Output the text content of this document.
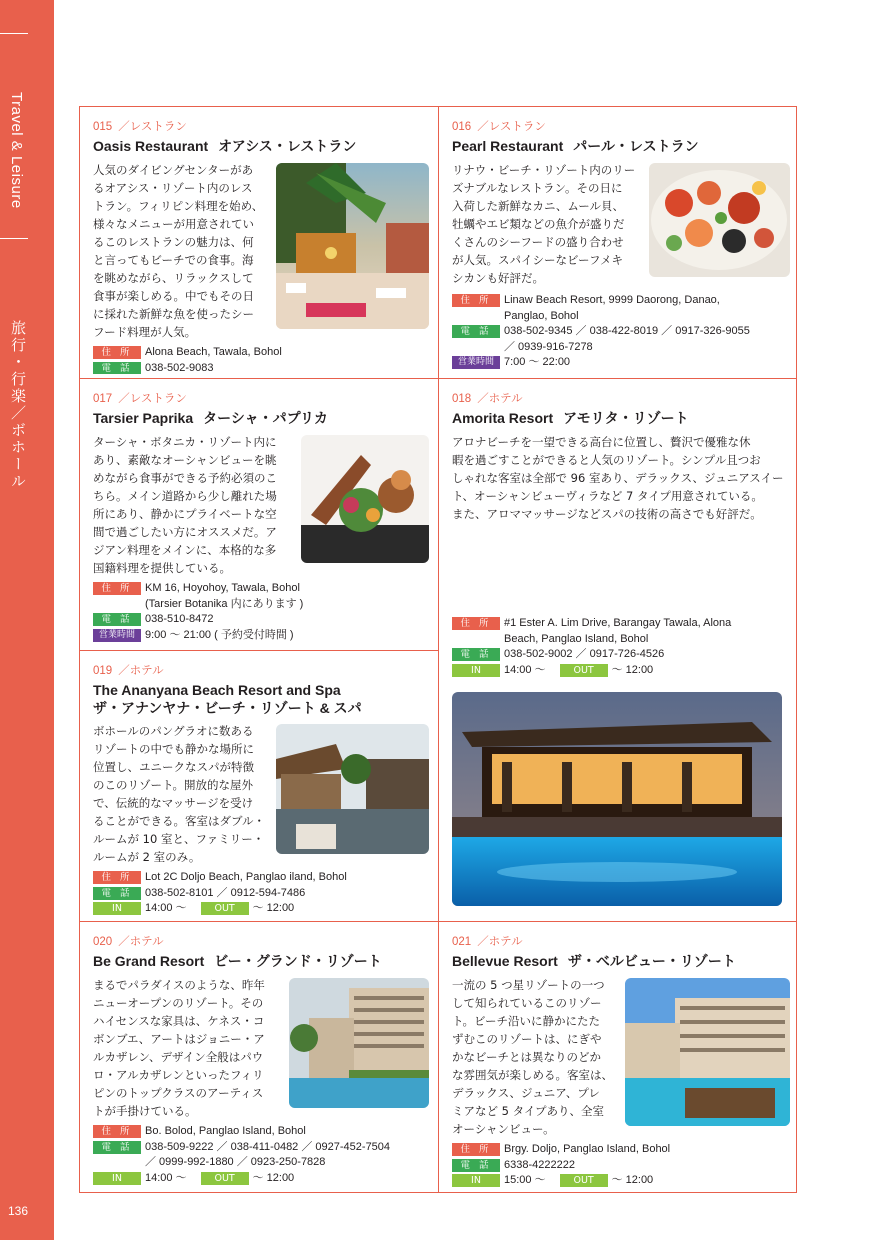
Travel & Leisure
旅行・行楽／ボホール
136
015 ／レストラン
Oasis Restaurant オアシス・レストラン
人気のダイビングセンターがあ
るオアシス・リゾート内のレス
トラン。フィリピン料理を始め、
様々なメニューが用意されてい
るこのレストランの魅力は、何
と言ってもビーチでの食事。海
を眺めながら、リラックスして
食事が楽しめる。中でもその日
に採れた新鮮な魚を使ったシー
フード料理が人気。
住 所	Alona Beach, Tawala, Bohol
電 話	038-502-9083
016 ／レストラン
Pearl Restaurant パール・レストラン
リナウ・ビーチ・リゾート内のリー
ズナブルなレストラン。その日に
入荷した新鮮なカニ、ムール貝、
牡蠣やエビ類などの魚介が盛りだ
くさんのシーフードの盛り合わせ
が人気。スパイシーなビーフメキ
シカンも好評だ。
住 所	Linaw Beach Resort, 9999 Daorong, Danao,
Panglao, Bohol
電 話	038-502-9345 ／ 038-422-8019 ／ 0917-326-9055
／ 0939-916-7278
営業時間 7:00 ～ 22:00
017 ／レストラン
Tarsier Paprika ターシャ・パプリカ
ターシャ・ボタニカ・リゾート内に
あり、素敵なオーシャンビューを眺
めながら食事ができる予約必須のこ
ちら。メイン道路から少し離れた場
所にあり、静かにプライベートな空
間で過ごしたい方にオススメだ。ア
ジアン料理をメインに、本格的な多
国籍料理を提供している。
住 所	KM 16, Hoyohoy, Tawala, Bohol
(Tarsier Botanika 内にあります )
電 話	038-510-8472
営業時間 9:00 ～ 21:00 ( 予約受付時間 )
018 ／ホテル
Amorita Resort アモリタ・リゾート
アロナビーチを一望できる高台に位置し、贅沢で優雅な休
暇を過ごすことができると人気のリゾート。シンプル且つお
しゃれな客室は全部で 96 室あり、デラックス、ジュニアスイー
ト、オーシャンビューヴィラなど 7 タイプ用意されている。
また、アロママッサージなどスパの技術の高さでも好評だ。
住 所	#1 Ester A. Lim Drive, Barangay Tawala, Alona
Beach, Panglao Island, Bohol
電 話	038-502-9002 ／ 0917-726-4526
IN	14:00 ～	OUT	～ 12:00
019 ／ホテル
The Ananyana Beach Resort and Spa
ザ・アナンヤナ・ビーチ・リゾート & スパ
ボホールのパングラオに数ある
リゾートの中でも静かな場所に
位置し、ユニークなスパが特徴
のこのリゾート。開放的な屋外
で、伝統的なマッサージを受け
ることができる。客室はダブル・
ルームが 10 室と、ファミリー・
ルームが 2 室のみ。
住 所	Lot 2C Doljo Beach, Panglao iland, Bohol
電 話	038-502-8101 ／ 0912-594-7486
IN	14:00 ～	OUT	～ 12:00
020 ／ホテル
Be Grand Resort ビー・グランド・リゾート
まるでパラダイスのような、昨年
ニューオープンのリゾート。その
ハイセンスな家具は、ケネス・コ
ボンブエ、アートはジョニー・ア
ルカザレン、デザイン全般はパウ
ロ・アルカザレンといったフィリ
ピンのトップクラスのアーティス
トが手掛けている。
住 所	Bo. Bolod, Panglao Island, Bohol
電 話	038-509-9222 ／ 038-411-0482 ／ 0927-452-7504
／ 0999-992-1880 ／ 0923-250-7828
IN	14:00 ～	OUT	～ 12:00
021 ／ホテル
Bellevue Resort ザ・ベルビュー・リゾート
一流の 5 つ星リゾートの一つ
して知られているこのリゾー
ト。ビーチ沿いに静かにたた
ずむこのリゾートは、にぎや
かなビーチとは異なりのどか
な雰囲気が楽しめる。客室は、
デラックス、ジュニア、プレ
ミアなど 5 タイプあり、全室
オーシャンビュー。
住 所	Brgy. Doljo, Panglao Island, Bohol
電 話	6338-4222222
IN	15:00 ～	OUT	～ 12:00
